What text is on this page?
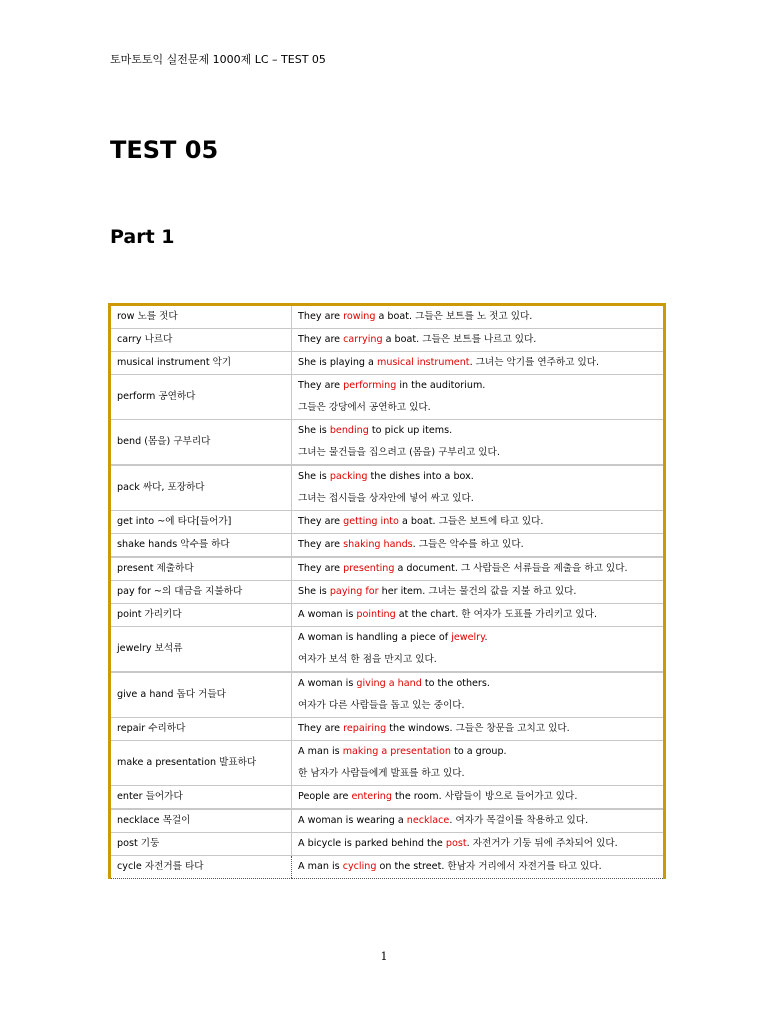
토마토토익 실전문제 1000제 LC – TEST 05
TEST 05
Part 1
row 노를 젓다	They are rowing a boat. 그들은 보트를 노 젓고 있다.

carry 나르다	They are carrying a boat. 그들은 보트를 나르고 있다.

musical instrument 악기	She is playing a musical instrument. 그녀는 악기를 연주하고 있다.

perform 공연하다	They are performing in the auditorium.
그들은 강당에서 공연하고 있다.

bend (몸을) 구부리다	She is bending to pick up items.
그녀는 물건들을 집으려고 (몸을) 구부리고 있다.

pack 싸다, 포장하다	She is packing the dishes into a box.
그녀는 접시들을 상자안에 넣어 싸고 있다.

get into ~에 타다[들어가]	They are getting into a boat. 그들은 보트에 타고 있다.

shake hands 악수를 하다	They are shaking hands. 그들은 악수를 하고 있다.

present 제출하다	They are presenting a document. 그 사람들은 서류들을 제출을 하고 있다.

pay for ~의 대금을 지불하다	She is paying for her item. 그녀는 물건의 값을 지불 하고 있다.

point 가리키다	A woman is pointing at the chart. 한 여자가 도표를 가리키고 있다.

jewelry 보석류	A woman is handling a piece of jewelry.
여자가 보석 한 점을 만지고 있다.

give a hand 돕다 거들다	A woman is giving a hand to the others.
여자가 다른 사람들을 돕고 있는 중이다.

repair 수리하다	They are repairing the windows. 그들은 창문을 고치고 있다.

make a presentation 발표하다	A man is making a presentation to a group.
한 남자가 사람들에게 발표를 하고 있다.

enter 들어가다	People are entering the room. 사람들이 방으로 들어가고 있다.

necklace 목걸이	A woman is wearing a necklace. 여자가 목걸이를 착용하고 있다.

post 기둥	A bicycle is parked behind the post. 자전거가 기둥 뒤에 주차되어 있다.

cycle 자전거를 타다	A man is cycling on the street. 한남자 거리에서 자전거를 타고 있다.
1
